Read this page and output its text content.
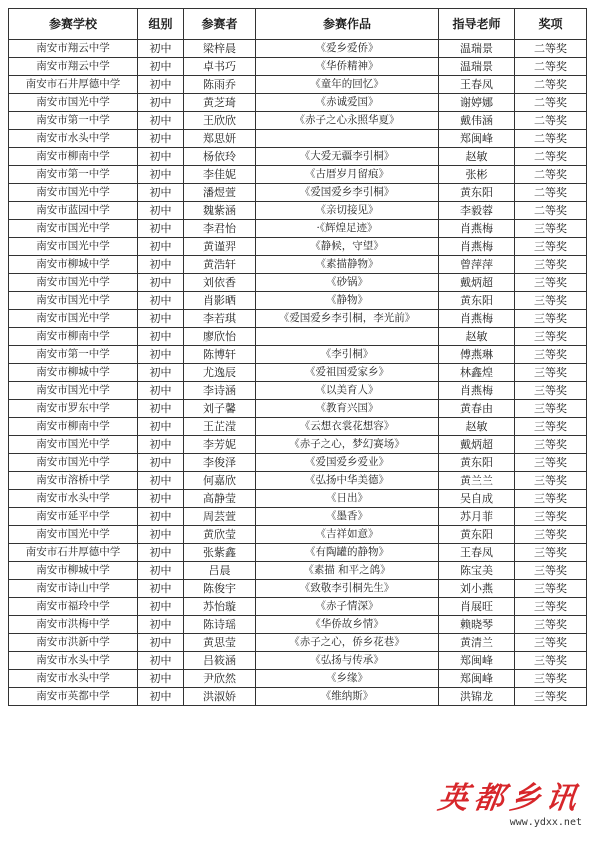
参赛学校	组别	参赛者	参赛作品	指导老师	奖项
南安市翔云中学	初中	梁梓晨	《爱乡爱侨》	温瑞景	二等奖
南安市翔云中学	初中	卓书巧	《华侨精神》	温瑞景	二等奖
南安市石井厚德中学	初中	陈雨乔	《童年的回忆》	王春凤	二等奖
南安市国光中学	初中	黄芝琦	《赤诚爱国》	谢婷娜	二等奖
南安市第一中学	初中	王欣欣	《赤子之心永照华夏》	戴伟涵	二等奖
南安市水头中学	初中	郑思妍		郑闽峰	二等奖
南安市柳南中学	初中	杨依玲	《大爱无疆李引桐》	赵敏	二等奖
南安市第一中学	初中	李佳妮	《古厝岁月留痕》	张彬	二等奖
南安市国光中学	初中	潘煜萱	《爱国爱乡李引桐》	黄东阳	二等奖
南安市蓝园中学	初中	魏紫涵	《亲切接见》	李毅蓉	二等奖
南安市国光中学	初中	李君怡	·《辉煌足迹》	肖燕梅	三等奖
南安市国光中学	初中	黄谨羿	《静候，守望》	肖燕梅	三等奖
南安市柳城中学	初中	黄浩轩	《素描静物》	曾萍萍	三等奖
南安市国光中学	初中	刘依香	《砂锅》	戴炳超	三等奖
南安市国光中学	初中	肖影晒	《静物》	黄东阳	三等奖
南安市国光中学	初中	李若琪	《爱国爱乡李引桐，李光前》	肖燕梅	三等奖
南安市柳南中学	初中	廖欣怡		赵敏	三等奖
南安市第一中学	初中	陈博轩	《李引桐》	傅燕琳	三等奖
南安市柳城中学	初中	尤逸辰	《爱祖国爱家乡》	林鑫煌	三等奖
南安市国光中学	初中	李诗涵	《以美育人》	肖燕梅	三等奖
南安市罗东中学	初中	刘子馨	《教育兴国》	黄春由	三等奖
南安市柳南中学	初中	王芷滢	《云想衣裳花想容》	赵敏	三等奖
南安市国光中学	初中	李芳妮	《赤子之心，梦幻赛场》	戴炳超	三等奖
南安市国光中学	初中	李俊泽	《爱国爱乡爱业》	黄东阳	三等奖
南安市溶桥中学	初中	何嘉欣	《弘扬中华美德》	黄兰兰	三等奖
南安市水头中学	初中	高静莹	《日出》	吴自成	三等奖
南安市延平中学	初中	周芸萱	《墨香》	苏月菲	三等奖
南安市国光中学	初中	黄欣莹	《吉祥如意》	黄东阳	三等奖
南安市石井厚德中学	初中	张紫鑫	《有陶罐的静物》	王春凤	三等奖
南安市柳城中学	初中	吕晨	《素描 和平之鸽》	陈宝美	三等奖
南安市诗山中学	初中	陈俊宇	《致敬李引桐先生》	刘小燕	三等奖
南安市福玲中学	初中	苏怡璇	《赤子情深》	肖展旺	三等奖
南安市洪梅中学	初中	陈诗瑶	《华侨故乡情》	赖晓琴	三等奖
南安市洪新中学	初中	黄思莹	《赤子之心，侨乡花巷》	黄清兰	三等奖
南安市水头中学	初中	吕筱涵	《弘扬与传承》	郑闽峰	三等奖
南安市水头中学	初中	尹欣然	《乡缘》	郑闽峰	三等奖
南安市英都中学	初中	洪淑娇	《维纳斯》	洪锦龙	三等奖
英都乡讯
www.ydxx.net
